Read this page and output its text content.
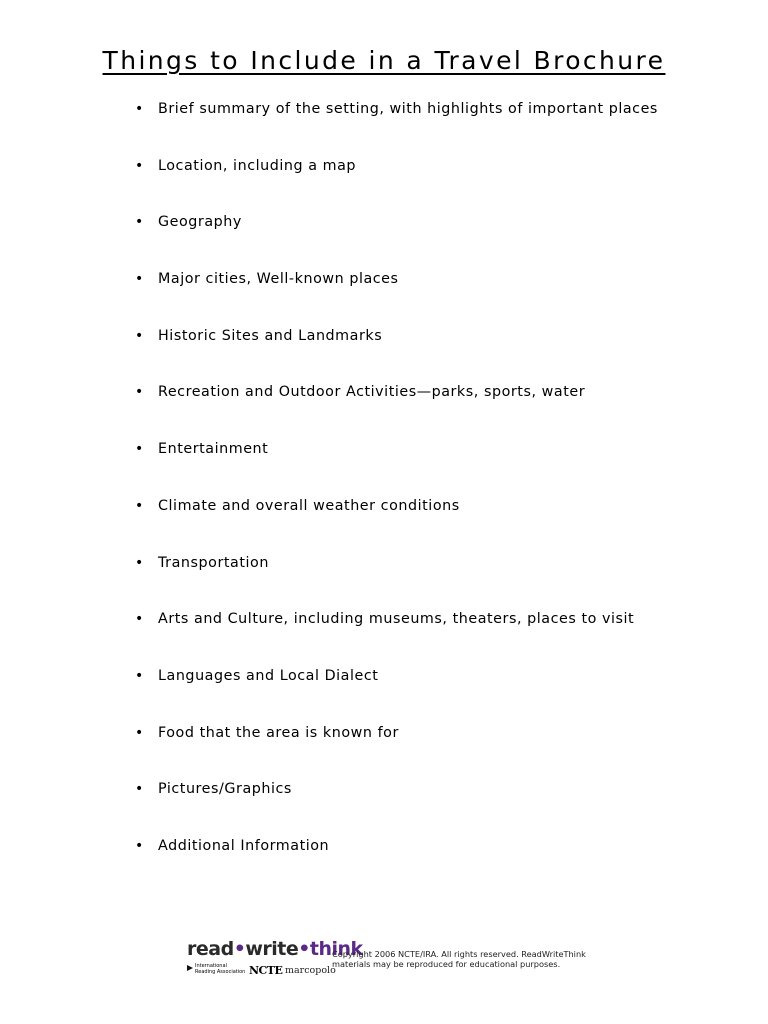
Things to Include in a Travel Brochure
• Brief summary of the setting, with highlights of important places
• Location, including a map
• Geography
• Major cities, Well-known places
• Historic Sites and Landmarks
• Recreation and Outdoor Activities—parks, sports, water
• Entertainment
• Climate and overall weather conditions
• Transportation
• Arts and Culture, including museums, theaters, places to visit
• Languages and Local Dialect
• Food that the area is known for
• Pictures/Graphics
• Additional Information
read•write•think
International
Reading Association NCTE marcopolo
Copyright 2006 NCTE/IRA. All rights reserved. ReadWriteThink
materials may be reproduced for educational purposes.
